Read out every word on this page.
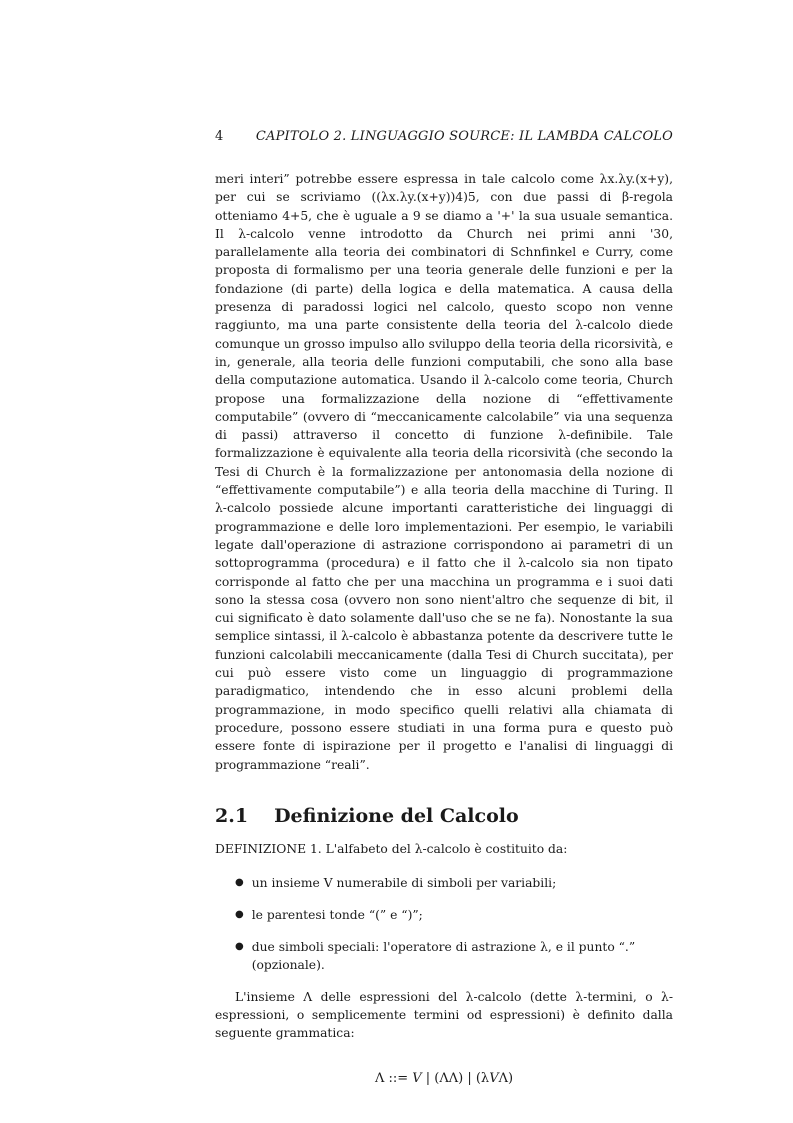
4	CAPITOLO 2. LINGUAGGIO SOURCE: IL LAMBDA CALCOLO

meri interi” potrebbe essere espressa in tale calcolo come λx.λy.(x+y), per cui se scriviamo ((λx.λy.(x+y))4)5, con due passi di β-regola otteniamo 4+5, che è uguale a 9 se diamo a '+' la sua usuale semantica. Il λ-calcolo venne introdotto da Church nei primi anni '30, parallelamente alla teoria dei combinatori di Schnfinkel e Curry, come proposta di formalismo per una teoria generale delle funzioni e per la fondazione (di parte) della logica e della matematica. A causa della presenza di paradossi logici nel calcolo, questo scopo non venne raggiunto, ma una parte consistente della teoria del λ-calcolo diede comunque un grosso impulso allo sviluppo della teoria della ricorsività, e in, generale, alla teoria delle funzioni computabili, che sono alla base della computazione automatica. Usando il λ-calcolo come teoria, Church propose una formalizzazione della nozione di “effettivamente computabile” (ovvero di “meccanicamente calcolabile” via una sequenza di passi) attraverso il concetto di funzione λ-definibile. Tale formalizzazione è equivalente alla teoria della ricorsività (che secondo la Tesi di Church è la formalizzazione per antonomasia della nozione di “effettivamente computabile”) e alla teoria della macchine di Turing. Il λ-calcolo possiede alcune importanti caratteristiche dei linguaggi di programmazione e delle loro implementazioni. Per esempio, le variabili legate dall'operazione di astrazione corrispondono ai parametri di un sottoprogramma (procedura) e il fatto che il λ-calcolo sia non tipato corrisponde al fatto che per una macchina un programma e i suoi dati sono la stessa cosa (ovvero non sono nient'altro che sequenze di bit, il cui significato è dato solamente dall'uso che se ne fa). Nonostante la sua semplice sintassi, il λ-calcolo è abbastanza potente da descrivere tutte le funzioni calcolabili meccanicamente (dalla Tesi di Church succitata), per cui può essere visto come un linguaggio di programmazione paradigmatico, intendendo che in esso alcuni problemi della programmazione, in modo specifico quelli relativi alla chiamata di procedure, possono essere studiati in una forma pura e questo può essere fonte di ispirazione per il progetto e l'analisi di linguaggi di programmazione “reali”.

2.1 Definizione del Calcolo

DEFINIZIONE 1. L'alfabeto del λ-calcolo è costituito da:

● un insieme V numerabile di simboli per variabili;
● le parentesi tonde “(” e “)”;
● due simboli speciali: l'operatore di astrazione λ, e il punto “.” (opzionale).

L'insieme Λ delle espressioni del λ-calcolo (dette λ-termini, o λ-espressioni, o semplicemente termini od espressioni) è definito dalla seguente grammatica:

Λ ::= V | (ΛΛ) | (λVΛ)
